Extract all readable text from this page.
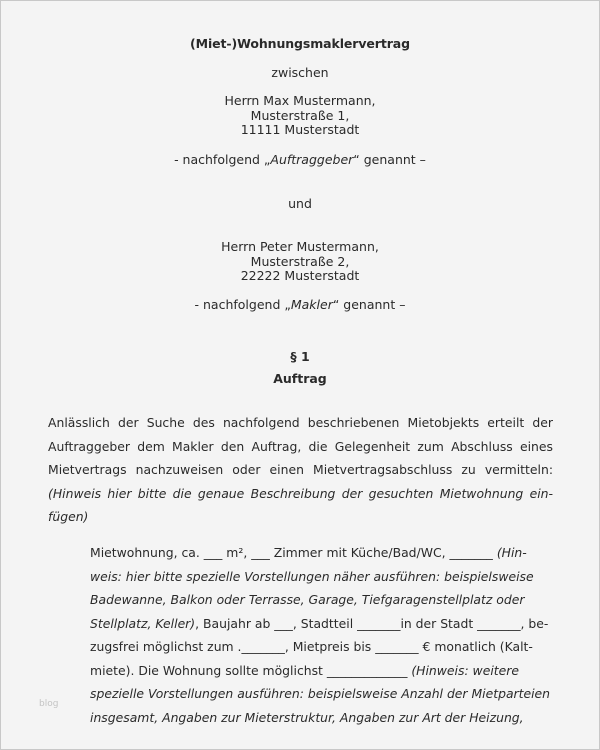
(Miet-)Wohnungsmaklervertrag
zwischen
Herrn Max Mustermann,
Musterstraße 1,
11111 Musterstadt
- nachfolgend „Auftraggeber“ genannt –
und
Herrn Peter Mustermann,
Musterstraße 2,
22222 Musterstadt
- nachfolgend „Makler“ genannt –
§ 1
Auftrag
Anlässlich der Suche des nachfolgend beschriebenen Mietobjekts erteilt der
Auftraggeber dem Makler den Auftrag, die Gelegenheit zum Abschluss eines
Mietvertrags nachzuweisen oder einen Mietvertragsabschluss zu vermitteln:
(Hinweis hier bitte die genaue Beschreibung der gesuchten Mietwohnung ein-
fügen)
Mietwohnung, ca. ___ m², ___ Zimmer mit Küche/Bad/WC, _______ (Hin-
weis: hier bitte spezielle Vorstellungen näher ausführen: beispielsweise
Badewanne, Balkon oder Terrasse, Garage, Tiefgaragenstellplatz oder
Stellplatz, Keller), Baujahr ab ___, Stadtteil _______in der Stadt _______, be-
zugsfrei möglichst zum ._______, Mietpreis bis _______ € monatlich (Kalt-
miete). Die Wohnung sollte möglichst _____________ (Hinweis: weitere
spezielle Vorstellungen ausführen: beispielsweise Anzahl der Mietparteien
insgesamt, Angaben zur Mieterstruktur, Angaben zur Art der Heizung,
blog
